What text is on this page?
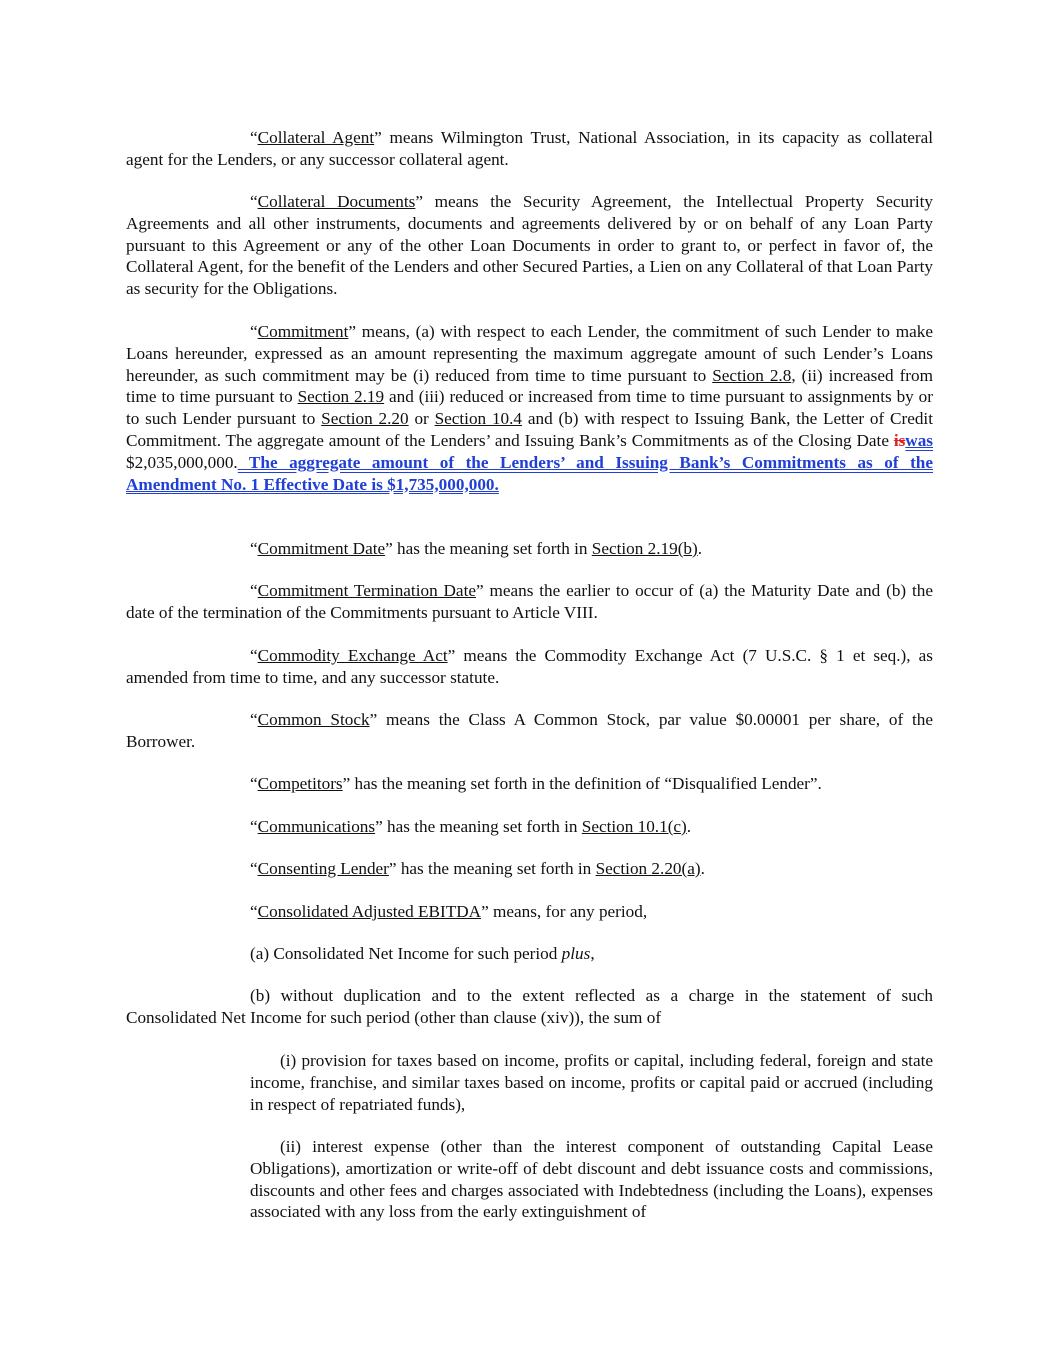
“Collateral Agent” means Wilmington Trust, National Association, in its capacity as collateral agent for the Lenders, or any successor collateral agent.

“Collateral Documents” means the Security Agreement, the Intellectual Property Security Agreements and all other instruments, documents and agreements delivered by or on behalf of any Loan Party pursuant to this Agreement or any of the other Loan Documents in order to grant to, or perfect in favor of, the Collateral Agent, for the benefit of the Lenders and other Secured Parties, a Lien on any Collateral of that Loan Party as security for the Obligations.

“Commitment” means, (a) with respect to each Lender, the commitment of such Lender to make Loans hereunder, expressed as an amount representing the maximum aggregate amount of such Lender’s Loans hereunder, as such commitment may be (i) reduced from time to time pursuant to Section 2.8, (ii) increased from time to time pursuant to Section 2.19 and (iii) reduced or increased from time to time pursuant to assignments by or to such Lender pursuant to Section 2.20 or Section 10.4 and (b) with respect to Issuing Bank, the Letter of Credit Commitment. The aggregate amount of the Lenders’ and Issuing Bank’s Commitments as of the Closing Date iswas $2,035,000,000. The aggregate amount of the Lenders’ and Issuing Bank’s Commitments as of the Amendment No. 1 Effective Date is $1,735,000,000.

“Commitment Date” has the meaning set forth in Section 2.19(b).

“Commitment Termination Date” means the earlier to occur of (a) the Maturity Date and (b) the date of the termination of the Commitments pursuant to Article VIII.

“Commodity Exchange Act” means the Commodity Exchange Act (7 U.S.C. § 1 et seq.), as amended from time to time, and any successor statute.

“Common Stock” means the Class A Common Stock, par value $0.00001 per share, of the Borrower.

“Competitors” has the meaning set forth in the definition of “Disqualified Lender”.

“Communications” has the meaning set forth in Section 10.1(c).

“Consenting Lender” has the meaning set forth in Section 2.20(a).

“Consolidated Adjusted EBITDA” means, for any period,

(a) Consolidated Net Income for such period plus,

(b) without duplication and to the extent reflected as a charge in the statement of such Consolidated Net Income for such period (other than clause (xiv)), the sum of

(i) provision for taxes based on income, profits or capital, including federal, foreign and state income, franchise, and similar taxes based on income, profits or capital paid or accrued (including in respect of repatriated funds),

(ii) interest expense (other than the interest component of outstanding Capital Lease Obligations), amortization or write-off of debt discount and debt issuance costs and commissions, discounts and other fees and charges associated with Indebtedness (including the Loans), expenses associated with any loss from the early extinguishment of
